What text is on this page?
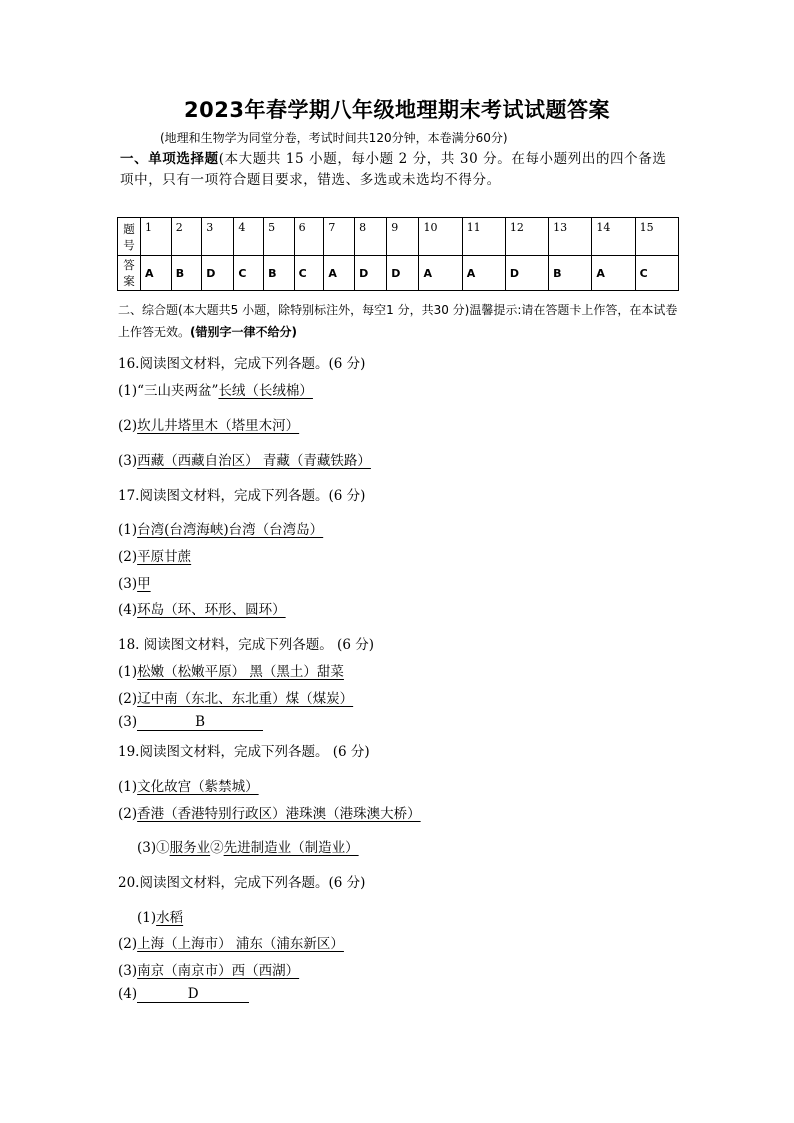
2023年春学期八年级地理期末考试试题答案
(地理和生物学为同堂分卷，考试时间共120分钟，本卷满分60分)
一、单项选择题(本大题共 15 小题，每小题 2 分，共 30 分。在每小题列出的四个备选项中，只有一项符合题目要求，错选、多选或未选均不得分。
题号	1	2	3	4	5	6	7	8	9	10	11	12	13	14	15
答案	A	B	D	C	B	C	A	D	D	A	A	D	B	A	C
二、综合题(本大题共5 小题，除特别标注外，每空1 分，共30 分)温馨提示:请在答题卡上作答，在本试卷上作答无效。(错别字一律不给分)
16.阅读图文材料，完成下列各题。(6 分)
(1)“三山夹两盆”长绒（长绒棉）
(2)坎儿井塔里木（塔里木河）
(3)西藏（西藏自治区） 青藏（青藏铁路）
17.阅读图文材料，完成下列各题。(6 分)
(1)台湾(台湾海峡)台湾（台湾岛）
(2)平原甘蔗
(3)甲
(4)环岛（环、环形、圆环）
18. 阅读图文材料，完成下列各题。 (6 分)
(1)松嫩（松嫩平原） 黑（黑土）甜菜
(2)辽中南（东北、东北重）煤（煤炭）
(3)	B
19.阅读图文材料，完成下列各题。 (6 分)
(1)文化故宫（紫禁城）
(2)香港（香港特别行政区）港珠澳（港珠澳大桥）
(3)①服务业②先进制造业（制造业）
20.阅读图文材料，完成下列各题。(6 分)
(1)水稻
(2)上海（上海市） 浦东（浦东新区）
(3)南京（南京市）西（西湖）
(4)	D
